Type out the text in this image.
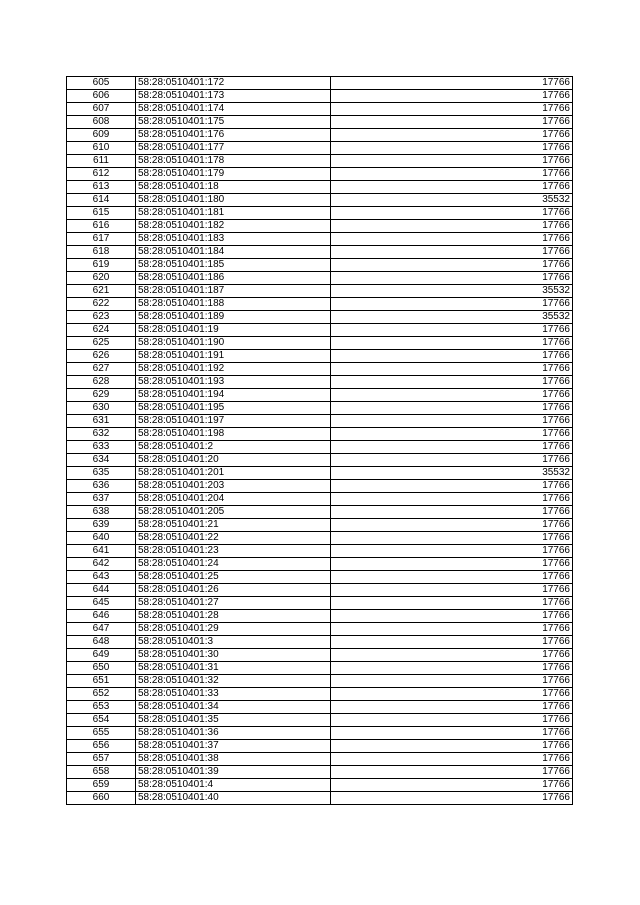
605	58:28:0510401:172	17766
606	58:28:0510401:173	17766
607	58:28:0510401:174	17766
608	58:28:0510401:175	17766
609	58:28:0510401:176	17766
610	58:28:0510401:177	17766
611	58:28:0510401:178	17766
612	58:28:0510401:179	17766
613	58:28:0510401:18	17766
614	58:28:0510401:180	35532
615	58:28:0510401:181	17766
616	58:28:0510401:182	17766
617	58:28:0510401:183	17766
618	58:28:0510401:184	17766
619	58:28:0510401:185	17766
620	58:28:0510401:186	17766
621	58:28:0510401:187	35532
622	58:28:0510401:188	17766
623	58:28:0510401:189	35532
624	58:28:0510401:19	17766
625	58:28:0510401:190	17766
626	58:28:0510401:191	17766
627	58:28:0510401:192	17766
628	58:28:0510401:193	17766
629	58:28:0510401:194	17766
630	58:28:0510401:195	17766
631	58:28:0510401:197	17766
632	58:28:0510401:198	17766
633	58:28:0510401:2	17766
634	58:28:0510401:20	17766
635	58:28:0510401:201	35532
636	58:28:0510401:203	17766
637	58:28:0510401:204	17766
638	58:28:0510401:205	17766
639	58:28:0510401:21	17766
640	58:28:0510401:22	17766
641	58:28:0510401:23	17766
642	58:28:0510401:24	17766
643	58:28:0510401:25	17766
644	58:28:0510401:26	17766
645	58:28:0510401:27	17766
646	58:28:0510401:28	17766
647	58:28:0510401:29	17766
648	58:28:0510401:3	17766
649	58:28:0510401:30	17766
650	58:28:0510401:31	17766
651	58:28:0510401:32	17766
652	58:28:0510401:33	17766
653	58:28:0510401:34	17766
654	58:28:0510401:35	17766
655	58:28:0510401:36	17766
656	58:28:0510401:37	17766
657	58:28:0510401:38	17766
658	58:28:0510401:39	17766
659	58:28:0510401:4	17766
660	58:28:0510401:40	17766
